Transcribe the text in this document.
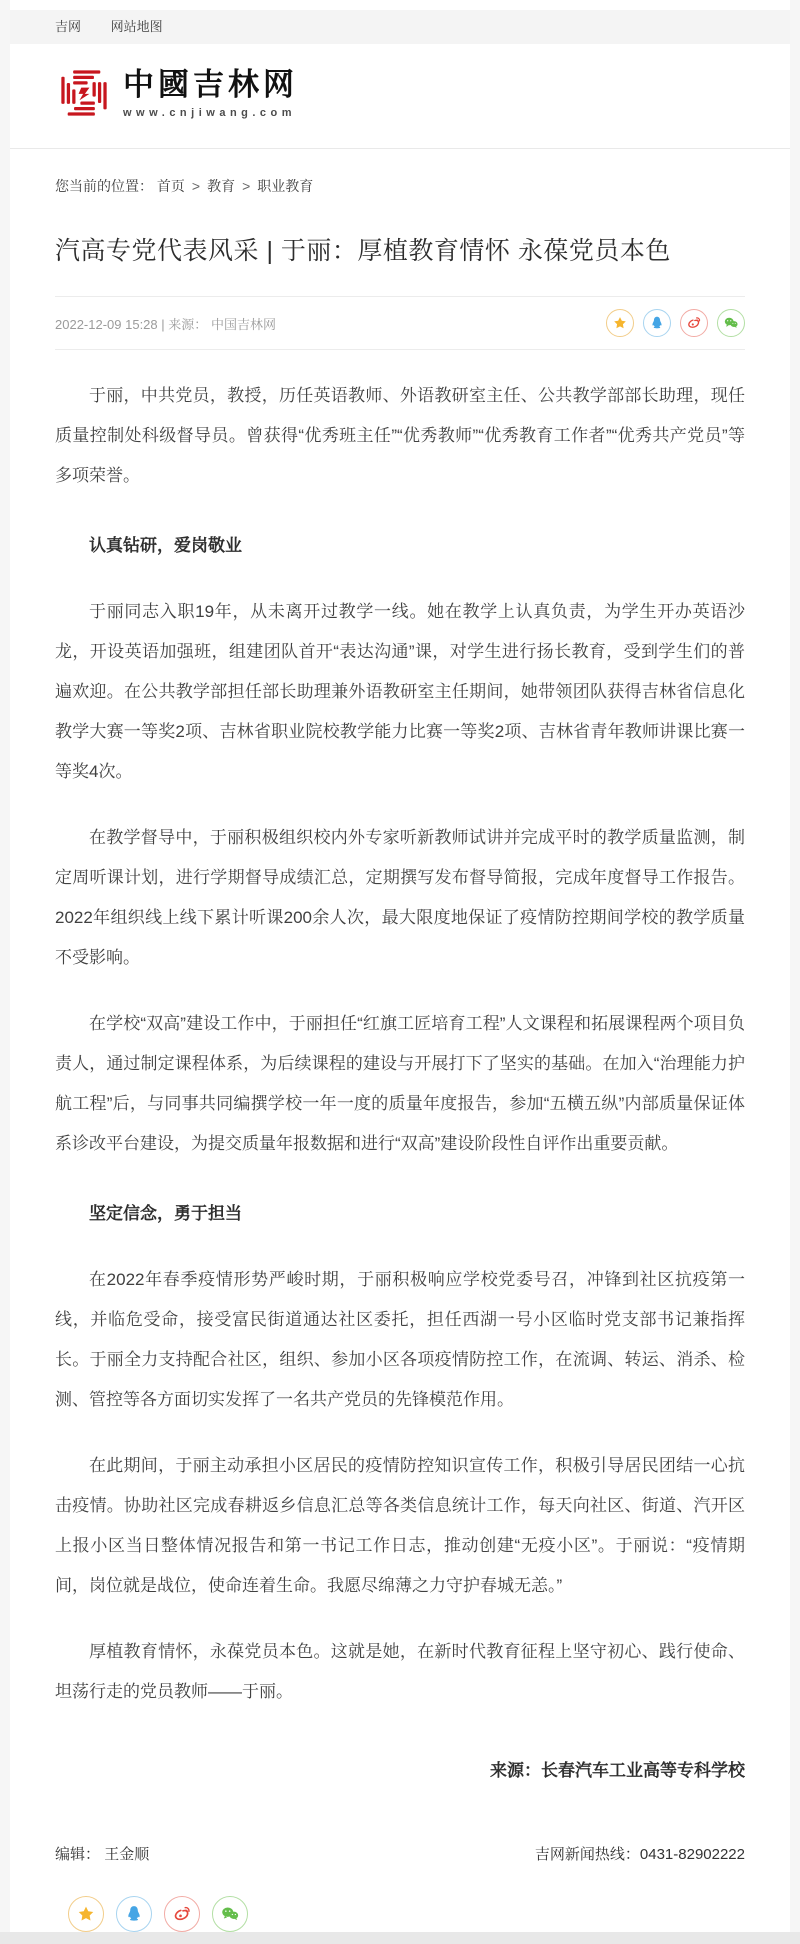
吉网 网站地图
中國吉林网
www.cnjiwang.com
您当前的位置： 首页 > 教育 > 职业教育
汽高专党代表风采 | 于丽：厚植教育情怀 永葆党员本色
2022-12-09 15:28 | 来源： 中国吉林网

于丽，中共党员，教授，历任英语教师、外语教研室主任、公共教学部部长助理，现任质量控制处科级督导员。曾获得“优秀班主任”“优秀教师”“优秀教育工作者”“优秀共产党员”等多项荣誉。

认真钻研，爱岗敬业

于丽同志入职19年，从未离开过教学一线。她在教学上认真负责，为学生开办英语沙龙，开设英语加强班，组建团队首开“表达沟通”课，对学生进行扬长教育，受到学生们的普遍欢迎。在公共教学部担任部长助理兼外语教研室主任期间，她带领团队获得吉林省信息化教学大赛一等奖2项、吉林省职业院校教学能力比赛一等奖2项、吉林省青年教师讲课比赛一等奖4次。

在教学督导中，于丽积极组织校内外专家听新教师试讲并完成平时的教学质量监测，制定周听课计划，进行学期督导成绩汇总，定期撰写发布督导简报，完成年度督导工作报告。2022年组织线上线下累计听课200余人次，最大限度地保证了疫情防控期间学校的教学质量不受影响。

在学校“双高”建设工作中，于丽担任“红旗工匠培育工程”人文课程和拓展课程两个项目负责人，通过制定课程体系，为后续课程的建设与开展打下了坚实的基础。在加入“治理能力护航工程”后，与同事共同编撰学校一年一度的质量年度报告，参加“五横五纵”内部质量保证体系诊改平台建设，为提交质量年报数据和进行“双高”建设阶段性自评作出重要贡献。

坚定信念，勇于担当

在2022年春季疫情形势严峻时期，于丽积极响应学校党委号召，冲锋到社区抗疫第一线，并临危受命，接受富民街道通达社区委托，担任西湖一号小区临时党支部书记兼指挥长。于丽全力支持配合社区，组织、参加小区各项疫情防控工作，在流调、转运、消杀、检测、管控等各方面切实发挥了一名共产党员的先锋模范作用。

在此期间，于丽主动承担小区居民的疫情防控知识宣传工作，积极引导居民团结一心抗击疫情。协助社区完成春耕返乡信息汇总等各类信息统计工作，每天向社区、街道、汽开区上报小区当日整体情况报告和第一书记工作日志，推动创建“无疫小区”。于丽说：“疫情期间，岗位就是战位，使命连着生命。我愿尽绵薄之力守护春城无恙。”

厚植教育情怀，永葆党员本色。这就是她，在新时代教育征程上坚守初心、践行使命、坦荡行走的党员教师——于丽。

来源：长春汽车工业高等专科学校
编辑： 王金顺	吉网新闻热线：0431-82902222
